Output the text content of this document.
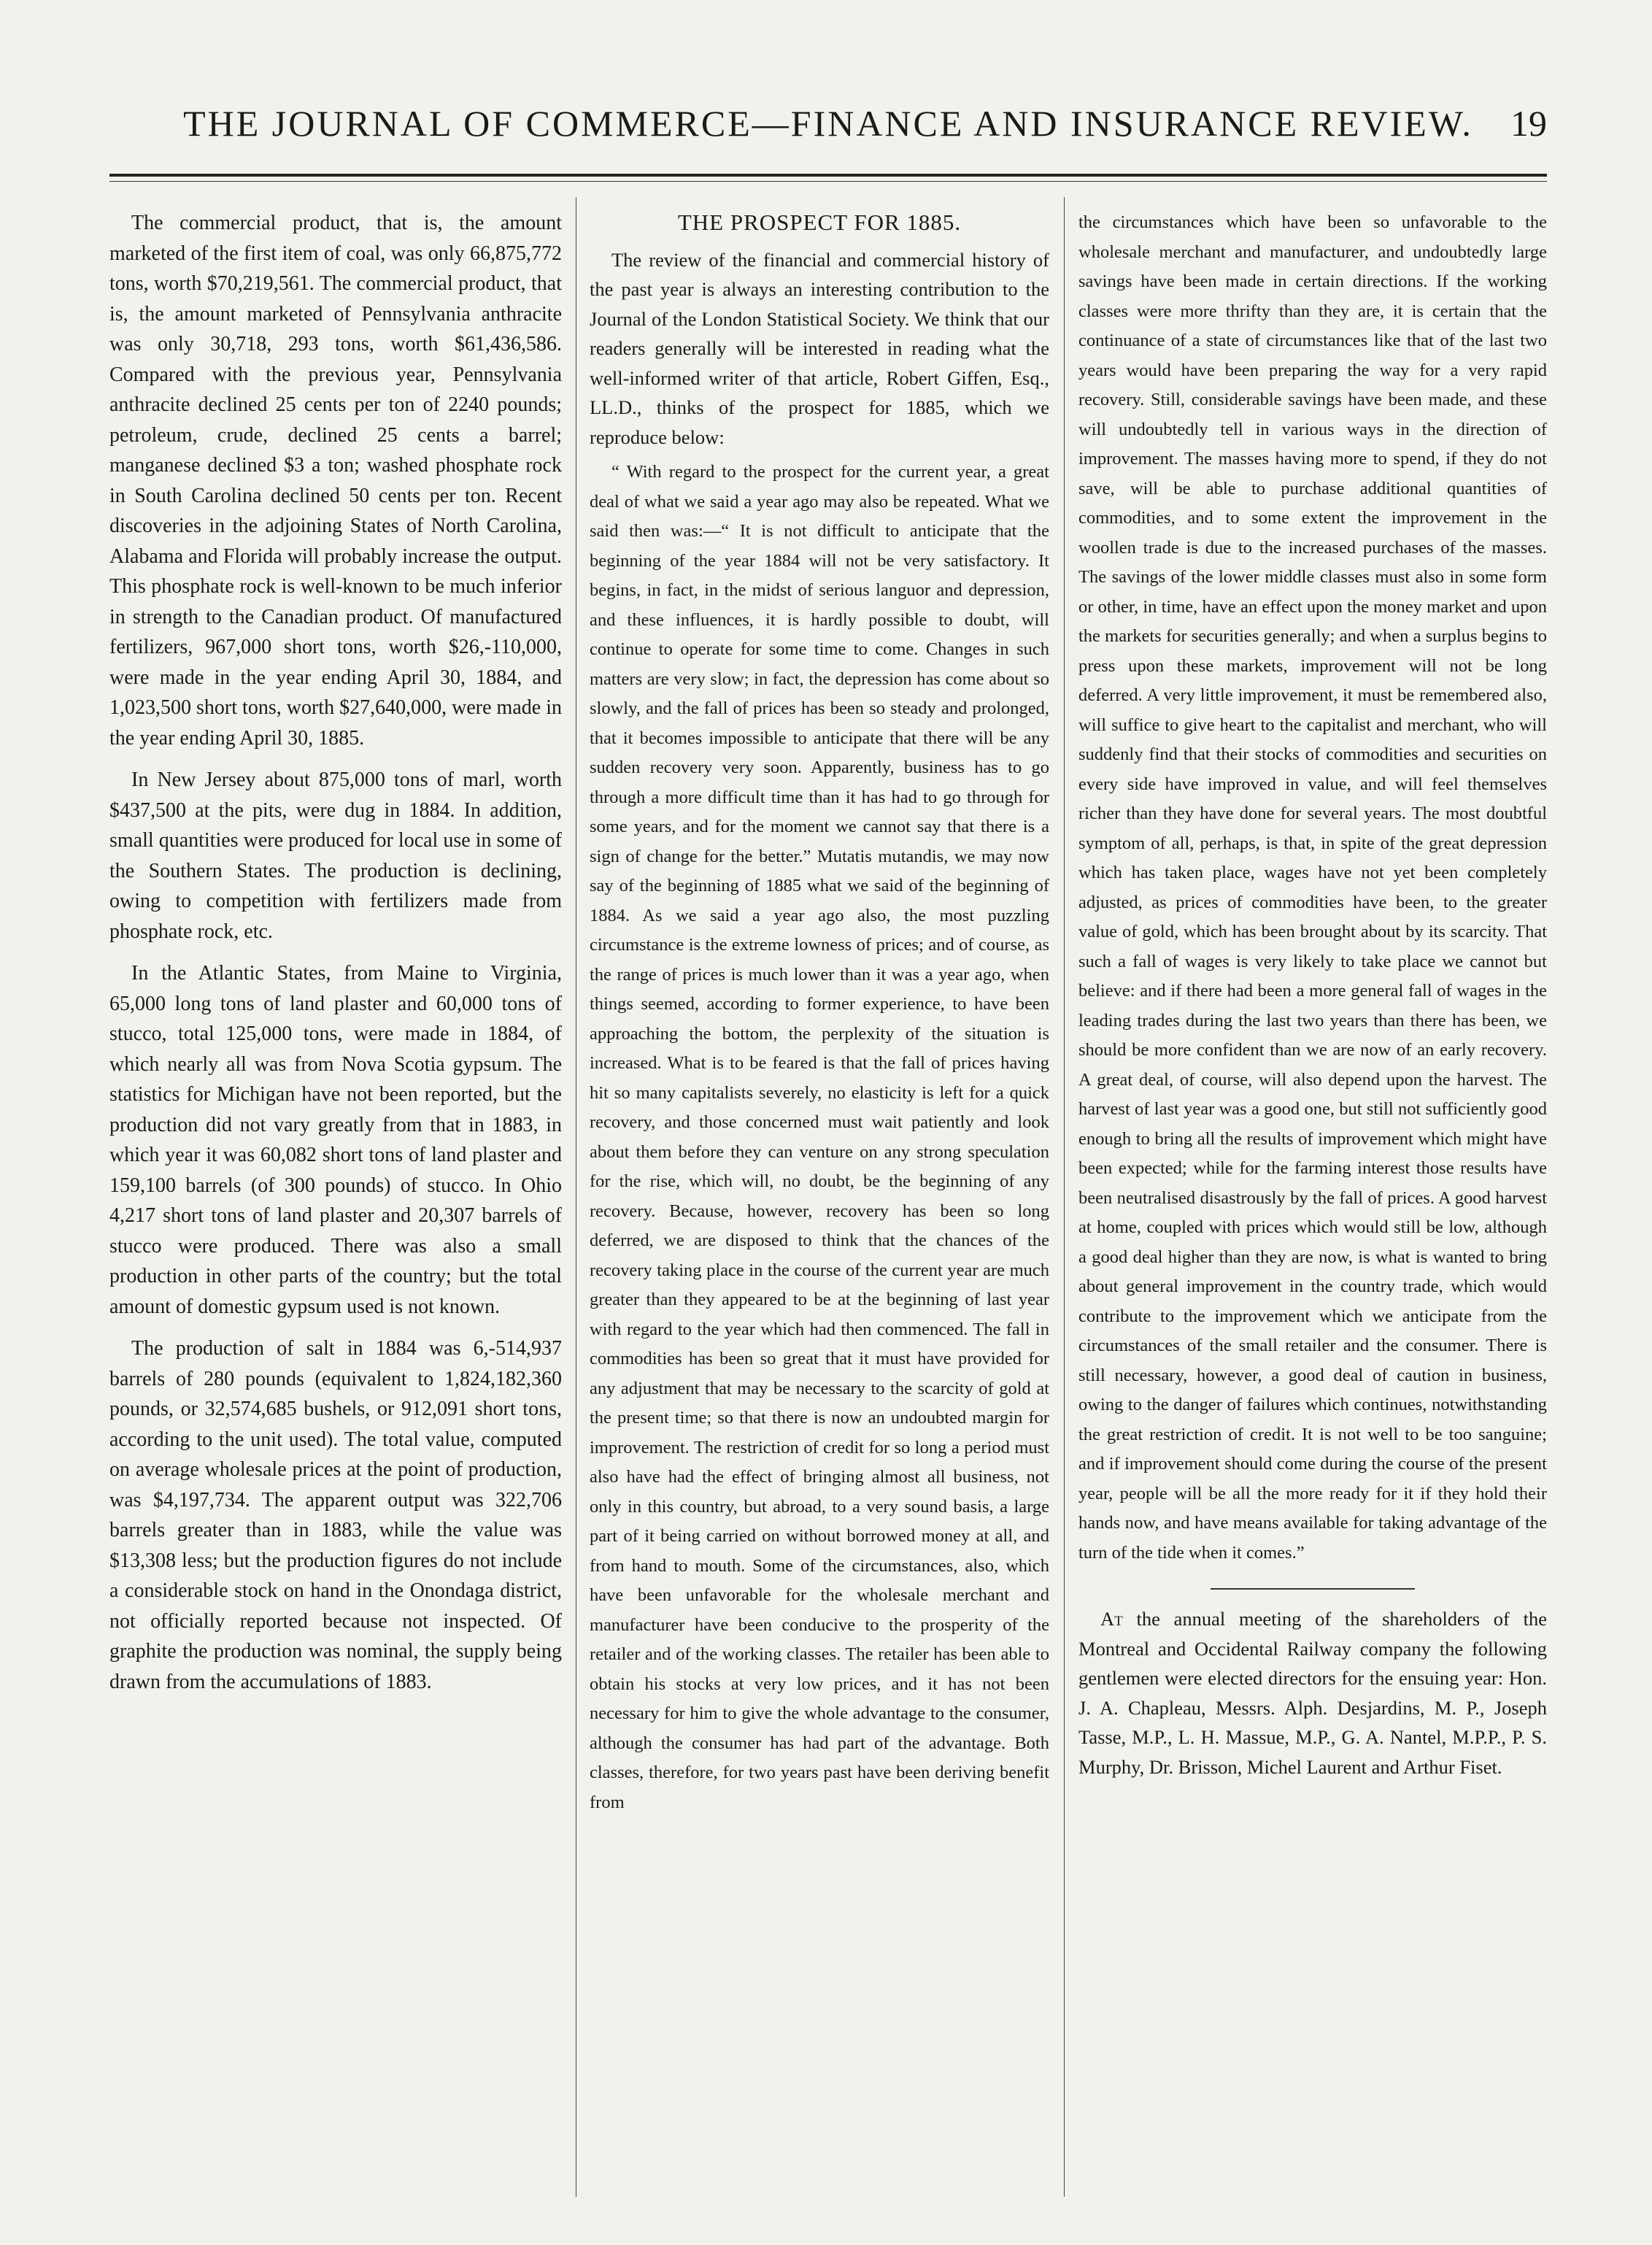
THE JOURNAL OF COMMERCE—FINANCE AND INSURANCE REVIEW.	19

The commercial product, that is, the amount marketed of the first item of coal, was only 66,875,772 tons, worth $70,219,561. The commercial product, that is, the amount marketed of Pennsylvania anthracite was only 30,718, 293 tons, worth $61,436,586. Compared with the previous year, Pennsylvania anthracite declined 25 cents per ton of 2240 pounds; petroleum, crude, declined 25 cents a barrel; manganese declined $3 a ton; washed phosphate rock in South Carolina declined 50 cents per ton. Recent discoveries in the adjoining States of North Carolina, Alabama and Florida will probably increase the output. This phosphate rock is well-known to be much inferior in strength to the Canadian product. Of manufactured fertilizers, 967,000 short tons, worth $26,-110,000, were made in the year ending April 30, 1884, and 1,023,500 short tons, worth $27,640,000, were made in the year ending April 30, 1885.

In New Jersey about 875,000 tons of marl, worth $437,500 at the pits, were dug in 1884. In addition, small quantities were produced for local use in some of the Southern States. The production is declining, owing to competition with fertilizers made from phosphate rock, etc.

In the Atlantic States, from Maine to Virginia, 65,000 long tons of land plaster and 60,000 tons of stucco, total 125,000 tons, were made in 1884, of which nearly all was from Nova Scotia gypsum. The statistics for Michigan have not been reported, but the production did not vary greatly from that in 1883, in which year it was 60,082 short tons of land plaster and 159,100 barrels (of 300 pounds) of stucco. In Ohio 4,217 short tons of land plaster and 20,307 barrels of stucco were produced. There was also a small production in other parts of the country; but the total amount of domestic gypsum used is not known.

The production of salt in 1884 was 6,-514,937 barrels of 280 pounds (equivalent to 1,824,182,360 pounds, or 32,574,685 bushels, or 912,091 short tons, according to the unit used). The total value, computed on average wholesale prices at the point of production, was $4,197,734. The apparent output was 322,706 barrels greater than in 1883, while the value was $13,308 less; but the production figures do not include a considerable stock on hand in the Onondaga district, not officially reported because not inspected. Of graphite the production was nominal, the supply being drawn from the accumulations of 1883.

THE PROSPECT FOR 1885.

The review of the financial and commercial history of the past year is always an interesting contribution to the Journal of the London Statistical Society. We think that our readers generally will be interested in reading what the well-informed writer of that article, Robert Giffen, Esq., LL.D., thinks of the prospect for 1885, which we reproduce below:

“ With regard to the prospect for the current year, a great deal of what we said a year ago may also be repeated. What we said then was:—“ It is not difficult to anticipate that the beginning of the year 1884 will not be very satisfactory. It begins, in fact, in the midst of serious languor and depression, and these influences, it is hardly possible to doubt, will continue to operate for some time to come. Changes in such matters are very slow; in fact, the depression has come about so slowly, and the fall of prices has been so steady and prolonged, that it becomes impossible to anticipate that there will be any sudden recovery very soon. Apparently, business has to go through a more difficult time than it has had to go through for some years, and for the moment we cannot say that there is a sign of change for the better.” Mutatis mutandis, we may now say of the beginning of 1885 what we said of the beginning of 1884. As we said a year ago also, the most puzzling circumstance is the extreme lowness of prices; and of course, as the range of prices is much lower than it was a year ago, when things seemed, according to former experience, to have been approaching the bottom, the perplexity of the situation is increased. What is to be feared is that the fall of prices having hit so many capitalists severely, no elasticity is left for a quick recovery, and those concerned must wait patiently and look about them before they can venture on any strong speculation for the rise, which will, no doubt, be the beginning of any recovery. Because, however, recovery has been so long deferred, we are disposed to think that the chances of the recovery taking place in the course of the current year are much greater than they appeared to be at the beginning of last year with regard to the year which had then commenced. The fall in commodities has been so great that it must have provided for any adjustment that may be necessary to the scarcity of gold at the present time; so that there is now an undoubted margin for improvement. The restriction of credit for so long a period must also have had the effect of bringing almost all business, not only in this country, but abroad, to a very sound basis, a large part of it being carried on without borrowed money at all, and from hand to mouth. Some of the circumstances, also, which have been unfavorable for the wholesale merchant and manufacturer have been conducive to the prosperity of the retailer and of the working classes. The retailer has been able to obtain his stocks at very low prices, and it has not been necessary for him to give the whole advantage to the consumer, although the consumer has had part of the advantage. Both classes, therefore, for two years past have been deriving benefit from

the circumstances which have been so unfavorable to the wholesale merchant and manufacturer, and undoubtedly large savings have been made in certain directions. If the working classes were more thrifty than they are, it is certain that the continuance of a state of circumstances like that of the last two years would have been preparing the way for a very rapid recovery. Still, considerable savings have been made, and these will undoubtedly tell in various ways in the direction of improvement. The masses having more to spend, if they do not save, will be able to purchase additional quantities of commodities, and to some extent the improvement in the woollen trade is due to the increased purchases of the masses. The savings of the lower middle classes must also in some form or other, in time, have an effect upon the money market and upon the markets for securities generally; and when a surplus begins to press upon these markets, improvement will not be long deferred. A very little improvement, it must be remembered also, will suffice to give heart to the capitalist and merchant, who will suddenly find that their stocks of commodities and securities on every side have improved in value, and will feel themselves richer than they have done for several years. The most doubtful symptom of all, perhaps, is that, in spite of the great depression which has taken place, wages have not yet been completely adjusted, as prices of commodities have been, to the greater value of gold, which has been brought about by its scarcity. That such a fall of wages is very likely to take place we cannot but believe: and if there had been a more general fall of wages in the leading trades during the last two years than there has been, we should be more confident than we are now of an early recovery. A great deal, of course, will also depend upon the harvest. The harvest of last year was a good one, but still not sufficiently good enough to bring all the results of improvement which might have been expected; while for the farming interest those results have been neutralised disastrously by the fall of prices. A good harvest at home, coupled with prices which would still be low, although a good deal higher than they are now, is what is wanted to bring about general improvement in the country trade, which would contribute to the improvement which we anticipate from the circumstances of the small retailer and the consumer. There is still necessary, however, a good deal of caution in business, owing to the danger of failures which continues, notwithstanding the great restriction of credit. It is not well to be too sanguine; and if improvement should come during the course of the present year, people will be all the more ready for it if they hold their hands now, and have means available for taking advantage of the turn of the tide when it comes.”

At the annual meeting of the shareholders of the Montreal and Occidental Railway company the following gentlemen were elected directors for the ensuing year: Hon. J. A. Chapleau, Messrs. Alph. Desjardins, M. P., Joseph Tasse, M.P., L. H. Massue, M.P., G. A. Nantel, M.P.P., P. S. Murphy, Dr. Brisson, Michel Laurent and Arthur Fiset.
